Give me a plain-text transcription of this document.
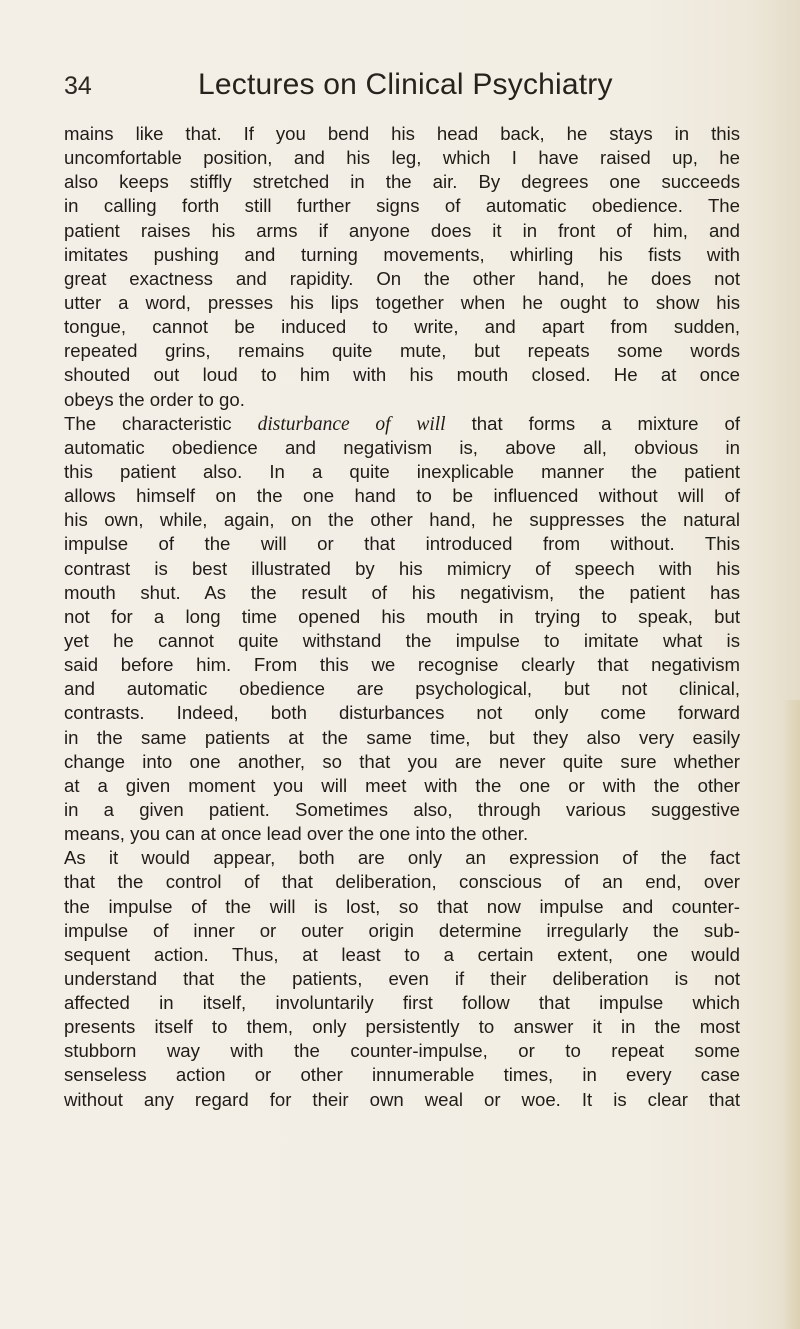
34	Lectures on Clinical Psychiatry
mains like that. If you bend his head back, he stays in this
uncomfortable position, and his leg, which I have raised up, he
also keeps stiffly stretched in the air. By degrees one succeeds
in calling forth still further signs of automatic obedience. The
patient raises his arms if anyone does it in front of him, and
imitates pushing and turning movements, whirling his fists with
great exactness and rapidity. On the other hand, he does not
utter a word, presses his lips together when he ought to show his
tongue, cannot be induced to write, and apart from sudden,
repeated grins, remains quite mute, but repeats some words
shouted out loud to him with his mouth closed. He at once
obeys the order to go.
The characteristic disturbance of will that forms a mixture of
automatic obedience and negativism is, above all, obvious in
this patient also. In a quite inexplicable manner the patient
allows himself on the one hand to be influenced without will of
his own, while, again, on the other hand, he suppresses the natural
impulse of the will or that introduced from without. This
contrast is best illustrated by his mimicry of speech with his
mouth shut. As the result of his negativism, the patient has
not for a long time opened his mouth in trying to speak, but
yet he cannot quite withstand the impulse to imitate what is
said before him. From this we recognise clearly that negativism
and automatic obedience are psychological, but not clinical,
contrasts. Indeed, both disturbances not only come forward
in the same patients at the same time, but they also very easily
change into one another, so that you are never quite sure whether
at a given moment you will meet with the one or with the other
in a given patient. Sometimes also, through various suggestive
means, you can at once lead over the one into the other.
As it would appear, both are only an expression of the fact
that the control of that deliberation, conscious of an end, over
the impulse of the will is lost, so that now impulse and counter-
impulse of inner or outer origin determine irregularly the sub-
sequent action. Thus, at least to a certain extent, one would
understand that the patients, even if their deliberation is not
affected in itself, involuntarily first follow that impulse which
presents itself to them, only persistently to answer it in the most
stubborn way with the counter-impulse, or to repeat some
senseless action or other innumerable times, in every case
without any regard for their own weal or woe. It is clear that
